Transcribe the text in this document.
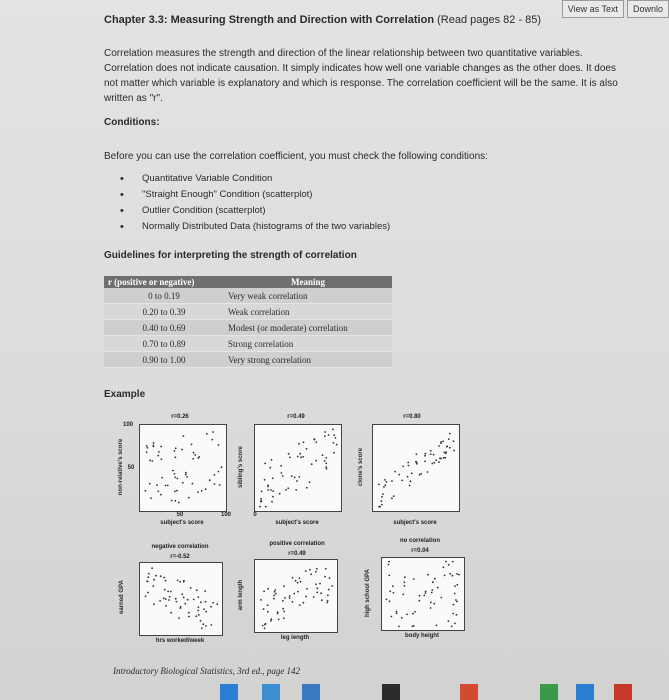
View as Text	Downlo
Chapter 3.3: Measuring Strength and Direction with Correlation (Read pages 82 - 85)
Correlation measures the strength and direction of the linear relationship between two quantitative variables. Correlation does not indicate causation. It simply indicates how well one variable changes as the other does. It does not matter which variable is explanatory and which is response. The correlation coefficient will be the same. It is also written as "r".
Conditions:
Before you can use the correlation coefficient, you must check the following conditions:
• Quantitative Variable Condition
• "Straight Enough" Condition (scatterplot)
• Outlier Condition (scatterplot)
• Normally Distributed Data (histograms of the two variables)
Guidelines for interpreting the strength of correlation
r (positive or negative)	Meaning
0 to 0.19	Very weak correlation
0.20 to 0.39	Weak correlation
0.40 to 0.69	Modest (or moderate) correlation
0.70 to 0.89	Strong correlation
0.90 to 1.00	Very strong correlation
Example
r=0.26	r=0.49	r=0.80
100
50
50	100	0
subject's score	subject's score	subject's score
non-relative's score	sibling's score	clone's score
negative correlation	positive correlation	no correlation
r=-0.52	r=0.49	r=0.04
hrs worked/week	leg length	body height
earned GPA	arm length	high school GPA
Introductory Biological Statistics, 3rd ed., page 142
